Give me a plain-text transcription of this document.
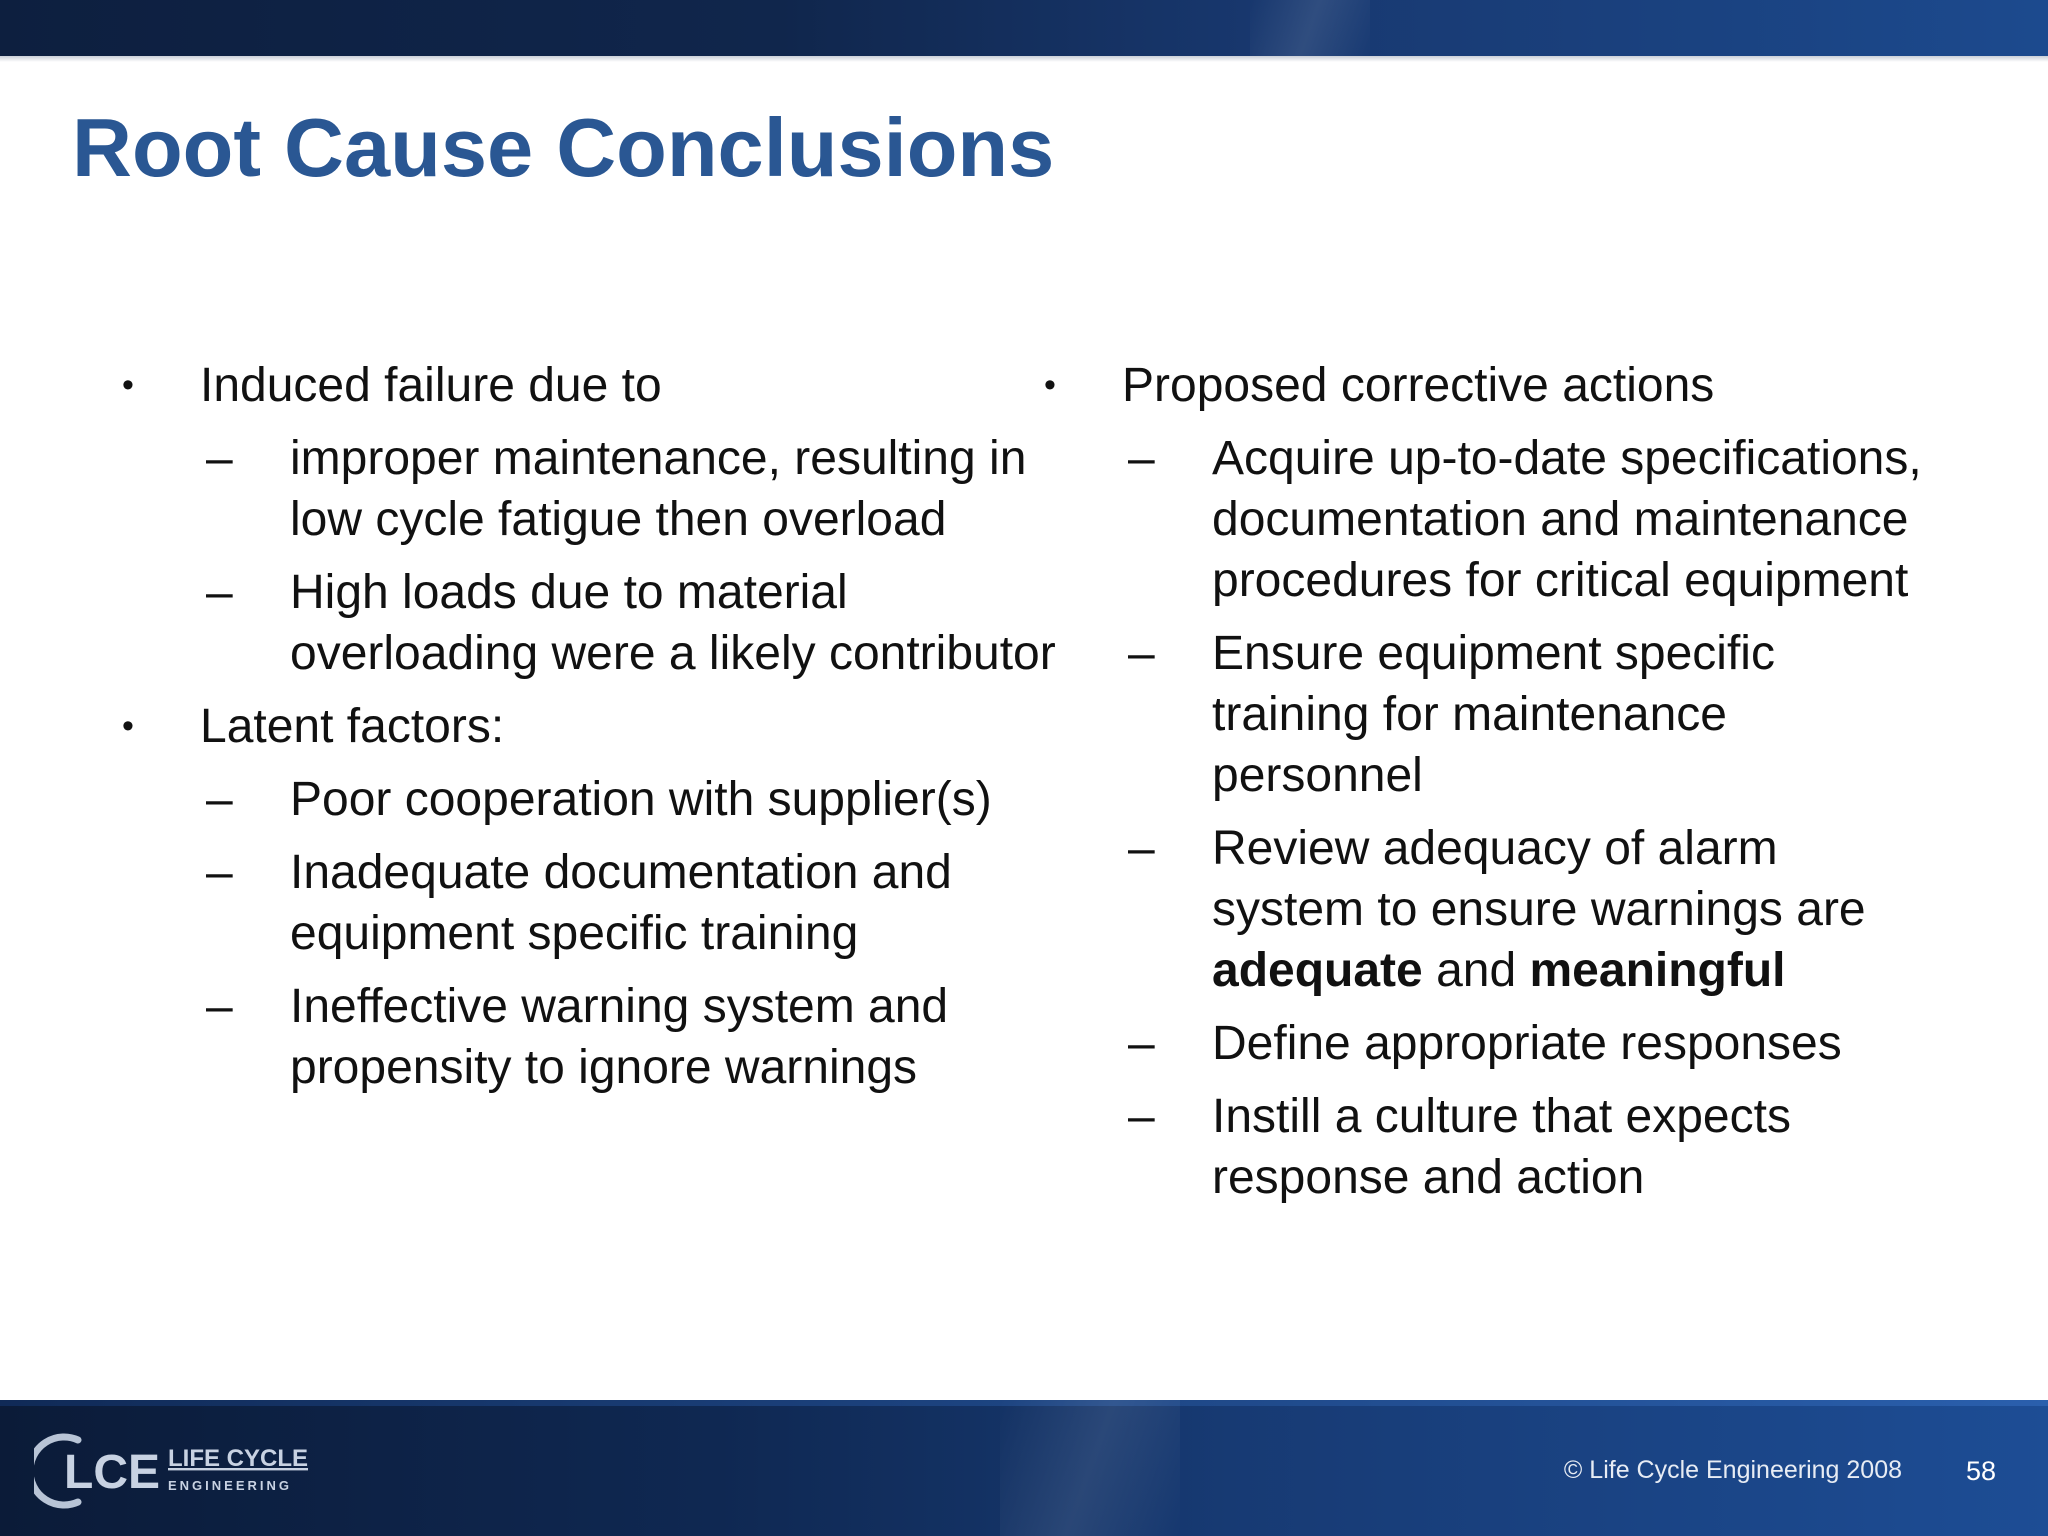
Root Cause Conclusions
• Induced failure due to
– improper maintenance, resulting in low cycle fatigue then overload
– High loads due to material overloading were a likely contributor
• Latent factors:
– Poor cooperation with supplier(s)
– Inadequate documentation and equipment specific training
– Ineffective warning system and propensity to ignore warnings
• Proposed corrective actions
– Acquire up-to-date specifications, documentation and maintenance procedures for critical equipment
– Ensure equipment specific training for maintenance personnel
– Review adequacy of alarm system to ensure warnings are adequate and meaningful
– Define appropriate responses
– Instill a culture that expects response and action
LCE LIFE CYCLE
ENGINEERING
© Life Cycle Engineering 2008 58
